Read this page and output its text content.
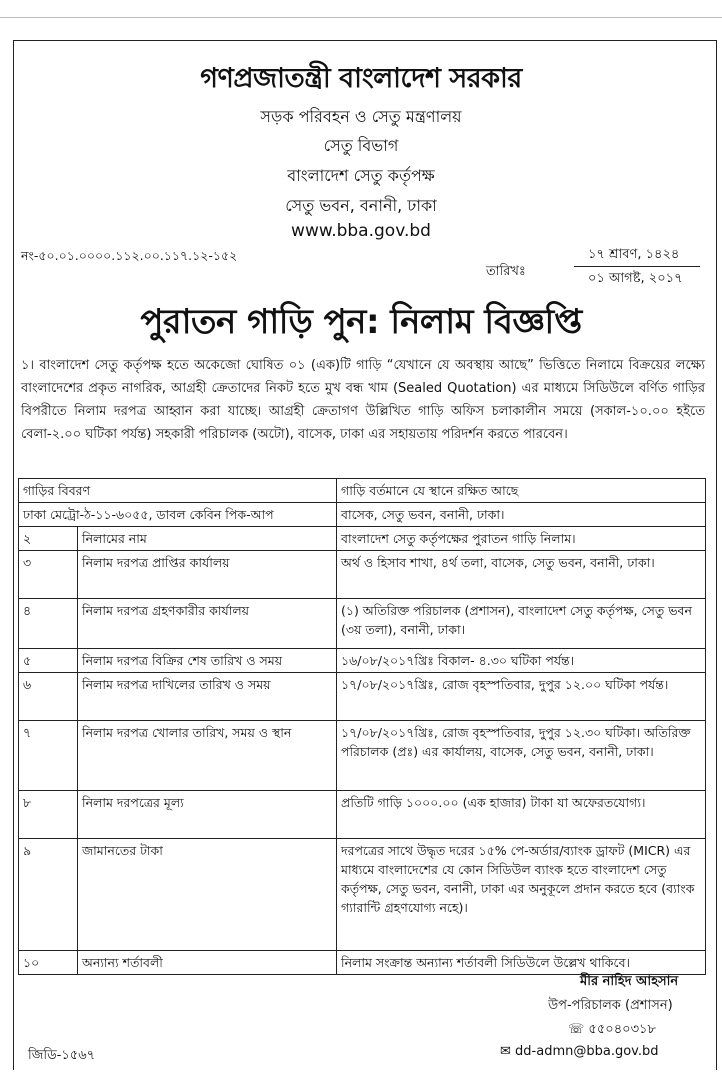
গণপ্রজাতন্ত্রী বাংলাদেশ সরকার
সড়ক পরিবহন ও সেতু মন্ত্রণালয়
সেতু বিভাগ
বাংলাদেশ সেতু কর্তৃপক্ষ
সেতু ভবন, বনানী, ঢাকা
www.bba.gov.bd
নং-৫০.০১.০০০০.১১২.০০.১১৭.১২-১৫২
তারিখঃ
১৭ শ্রাবণ, ১৪২৪
০১ আগষ্ট, ২০১৭
পুরাতন গাড়ি পুন: নিলাম বিজ্ঞপ্তি
১। বাংলাদেশ সেতু কর্তৃপক্ষ হতে অকেজো ঘোষিত ০১ (এক)টি গাড়ি “যেখানে যে অবস্থায় আছে” ভিত্তিতে নিলামে বিক্রয়ের লক্ষ্যে বাংলাদেশের প্রকৃত নাগরিক, আগ্রহী ক্রেতাদের নিকট হতে মুখ বন্ধ খাম (Sealed Quotation) এর মাধ্যমে সিডিউলে বর্ণিত গাড়ির বিপরীতে নিলাম দরপত্র আহ্বান করা যাচ্ছে। আগ্রহী ক্রেতাগণ উল্লিখিত গাড়ি অফিস চলাকালীন সময়ে (সকাল-১০.০০ হইতে বেলা-২.০০ ঘটিকা পর্যন্ত) সহকারী পরিচালক (অটো), বাসেক, ঢাকা এর সহায়তায় পরিদর্শন করতে পারবেন।
গাড়ির বিবরণ		গাড়ি বর্তমানে যে স্থানে রক্ষিত আছে
ঢাকা মেট্রো-ঠ-১১-৬০৫৫, ডাবল কেবিন পিক-আপ		বাসেক, সেতু ভবন, বনানী, ঢাকা।
২	নিলামের নাম	বাংলাদেশ সেতু কর্তৃপক্ষের পুরাতন গাড়ি নিলাম।
৩	নিলাম দরপত্র প্রাপ্তির কার্যালয়	অর্থ ও হিসাব শাখা, ৪র্থ তলা, বাসেক, সেতু ভবন, বনানী, ঢাকা।
৪	নিলাম দরপত্র গ্রহণকারীর কার্যালয়	(১) অতিরিক্ত পরিচালক (প্রশাসন), বাংলাদেশ সেতু কর্তৃপক্ষ, সেতু ভবন (৩য় তলা), বনানী, ঢাকা।
৫	নিলাম দরপত্র বিক্রির শেষ তারিখ ও সময়	১৬/০৮/২০১৭খ্রিঃ বিকাল- ৪.৩০ ঘটিকা পর্যন্ত।
৬	নিলাম দরপত্র দাখিলের তারিখ ও সময়	১৭/০৮/২০১৭খ্রিঃ, রোজ বৃহস্পতিবার, দুপুর ১২.০০ ঘটিকা পর্যন্ত।
৭	নিলাম দরপত্র খোলার তারিখ, সময় ও স্থান	১৭/০৮/২০১৭খ্রিঃ, রোজ বৃহস্পতিবার, দুপুর ১২.৩০ ঘটিকা। অতিরিক্ত পরিচালক (প্রঃ) এর কার্যালয়, বাসেক, সেতু ভবন, বনানী, ঢাকা।
৮	নিলাম দরপত্রের মূল্য	প্রতিটি গাড়ি ১০০০.০০ (এক হাজার) টাকা যা অফেরতযোগ্য।
৯	জামানতের টাকা	দরপত্রের সাথে উদ্ধৃত দরের ১৫% পে-অর্ডার/ব্যাংক ড্রাফট (MICR) এর মাধ্যমে বাংলাদেশের যে কোন সিডিউল ব্যাংক হতে বাংলাদেশ সেতু কর্তৃপক্ষ, সেতু ভবন, বনানী, ঢাকা এর অনুকূলে প্রদান করতে হবে (ব্যাংক গ্যারান্টি গ্রহণযোগ্য নহে)।
১০	অন্যান্য শর্তাবলী	নিলাম সংক্রান্ত অন্যান্য শর্তাবলী সিডিউলে উল্লেখ থাকিবে।
মীর নাহিদ আহসান
উপ-পরিচালক (প্রশাসন)
☏ ৫৫০৪০৩১৮
✉ dd-admn@bba.gov.bd
জিডি-১৫৬৭
